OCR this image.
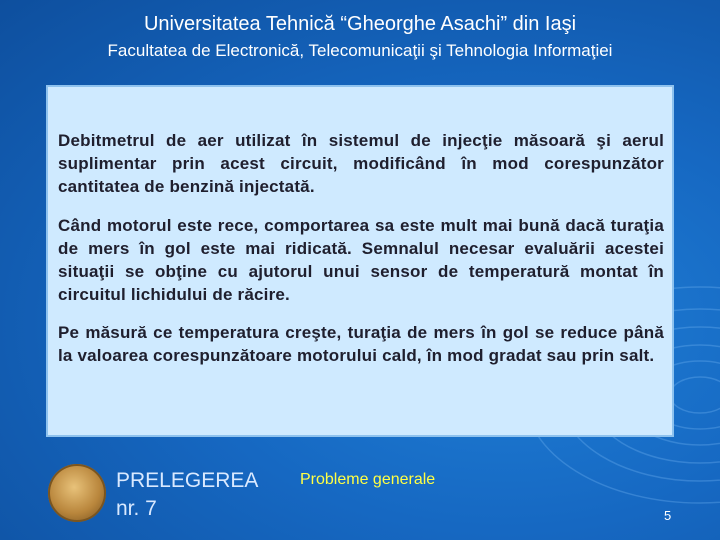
Universitatea Tehnică “Gheorghe Asachi” din Iaşi
Facultatea de Electronică, Telecomunicaţii şi Tehnologia Informaţiei

Debitmetrul de aer utilizat în sistemul de injecţie măsoară şi aerul suplimentar prin acest circuit, modificând în mod corespunzător cantitatea de benzină injectată.

Când motorul este rece, comportarea sa este mult mai bună dacă turaţia de mers în gol este mai ridicată. Semnalul necesar evaluării acestei situaţii se obţine cu ajutorul unui sensor de temperatură montat în circuitul lichidului de răcire.

Pe măsură ce temperatura creşte, turaţia de mers în gol se reduce până la valoarea corespunzătoare motorului cald, în mod gradat sau prin salt.

PRELEGEREA
nr. 7
Probleme generale
5
